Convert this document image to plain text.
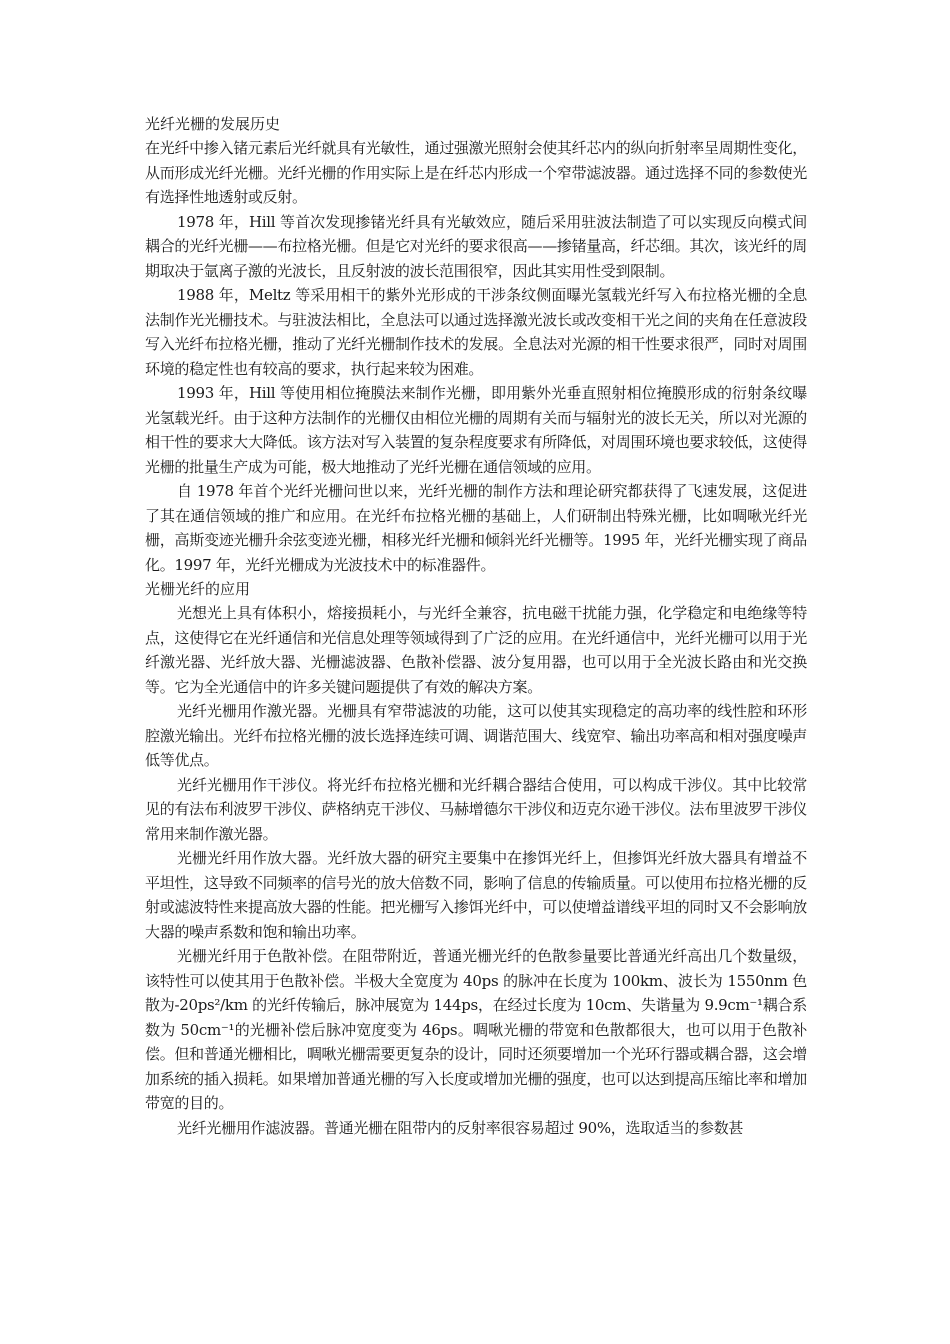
光纤光栅的发展历史

在光纤中掺入锗元素后光纤就具有光敏性，通过强激光照射会使其纤芯内的纵向折射率呈周期性变化，从而形成光纤光栅。光纤光栅的作用实际上是在纤芯内形成一个窄带滤波器。通过选择不同的参数使光有选择性地透射或反射。

1978 年，Hill 等首次发现掺锗光纤具有光敏效应，随后采用驻波法制造了可以实现反向模式间耦合的光纤光栅——布拉格光栅。但是它对光纤的要求很高——掺锗量高，纤芯细。其次，该光纤的周期取决于氩离子激的光波长，且反射波的波长范围很窄，因此其实用性受到限制。

1988 年，Meltz 等采用相干的紫外光形成的干涉条纹侧面曝光氢载光纤写入布拉格光栅的全息法制作光光栅技术。与驻波法相比，全息法可以通过选择激光波长或改变相干光之间的夹角在任意波段写入光纤布拉格光栅，推动了光纤光栅制作技术的发展。全息法对光源的相干性要求很严，同时对周围环境的稳定性也有较高的要求，执行起来较为困难。

1993 年，Hill 等使用相位掩膜法来制作光栅，即用紫外光垂直照射相位掩膜形成的衍射条纹曝光氢载光纤。由于这种方法制作的光栅仅由相位光栅的周期有关而与辐射光的波长无关，所以对光源的相干性的要求大大降低。该方法对写入装置的复杂程度要求有所降低，对周围环境也要求较低，这使得光栅的批量生产成为可能，极大地推动了光纤光栅在通信领域的应用。

自 1978 年首个光纤光栅问世以来，光纤光栅的制作方法和理论研究都获得了飞速发展，这促进了其在通信领域的推广和应用。在光纤布拉格光栅的基础上，人们研制出特殊光栅，比如啁啾光纤光栅，高斯变迹光栅升余弦变迹光栅，相移光纤光栅和倾斜光纤光栅等。1995 年，光纤光栅实现了商品化。1997 年，光纤光栅成为光波技术中的标准器件。

光栅光纤的应用

光想光上具有体积小，熔接损耗小，与光纤全兼容，抗电磁干扰能力强，化学稳定和电绝缘等特点，这使得它在光纤通信和光信息处理等领域得到了广泛的应用。在光纤通信中，光纤光栅可以用于光纤激光器、光纤放大器、光栅滤波器、色散补偿器、波分复用器，也可以用于全光波长路由和光交换等。它为全光通信中的许多关键问题提供了有效的解决方案。

光纤光栅用作激光器。光栅具有窄带滤波的功能，这可以使其实现稳定的高功率的线性腔和环形腔激光输出。光纤布拉格光栅的波长选择连续可调、调谐范围大、线宽窄、输出功率高和相对强度噪声低等优点。

光纤光栅用作干涉仪。将光纤布拉格光栅和光纤耦合器结合使用，可以构成干涉仪。其中比较常见的有法布利波罗干涉仪、萨格纳克干涉仪、马赫增德尔干涉仪和迈克尔逊干涉仪。法布里波罗干涉仪常用来制作激光器。

光栅光纤用作放大器。光纤放大器的研究主要集中在掺饵光纤上，但掺饵光纤放大器具有增益不平坦性，这导致不同频率的信号光的放大倍数不同，影响了信息的传输质量。可以使用布拉格光栅的反射或滤波特性来提高放大器的性能。把光栅写入掺饵光纤中，可以使增益谱线平坦的同时又不会影响放大器的噪声系数和饱和输出功率。

光栅光纤用于色散补偿。在阻带附近，普通光栅光纤的色散参量要比普通光纤高出几个数量级，该特性可以使其用于色散补偿。半极大全宽度为 40ps 的脉冲在长度为 100km、波长为 1550nm 色散为-20ps²/km 的光纤传输后，脉冲展宽为 144ps，在经过长度为 10cm、失谐量为 9.9cm⁻¹耦合系数为 50cm⁻¹的光栅补偿后脉冲宽度变为 46ps。啁啾光栅的带宽和色散都很大，也可以用于色散补偿。但和普通光栅相比，啁啾光栅需要更复杂的设计，同时还须要增加一个光环行器或耦合器，这会增加系统的插入损耗。如果增加普通光栅的写入长度或增加光栅的强度，也可以达到提高压缩比率和增加带宽的目的。

光纤光栅用作滤波器。普通光栅在阻带内的反射率很容易超过 90%，选取适当的参数甚
